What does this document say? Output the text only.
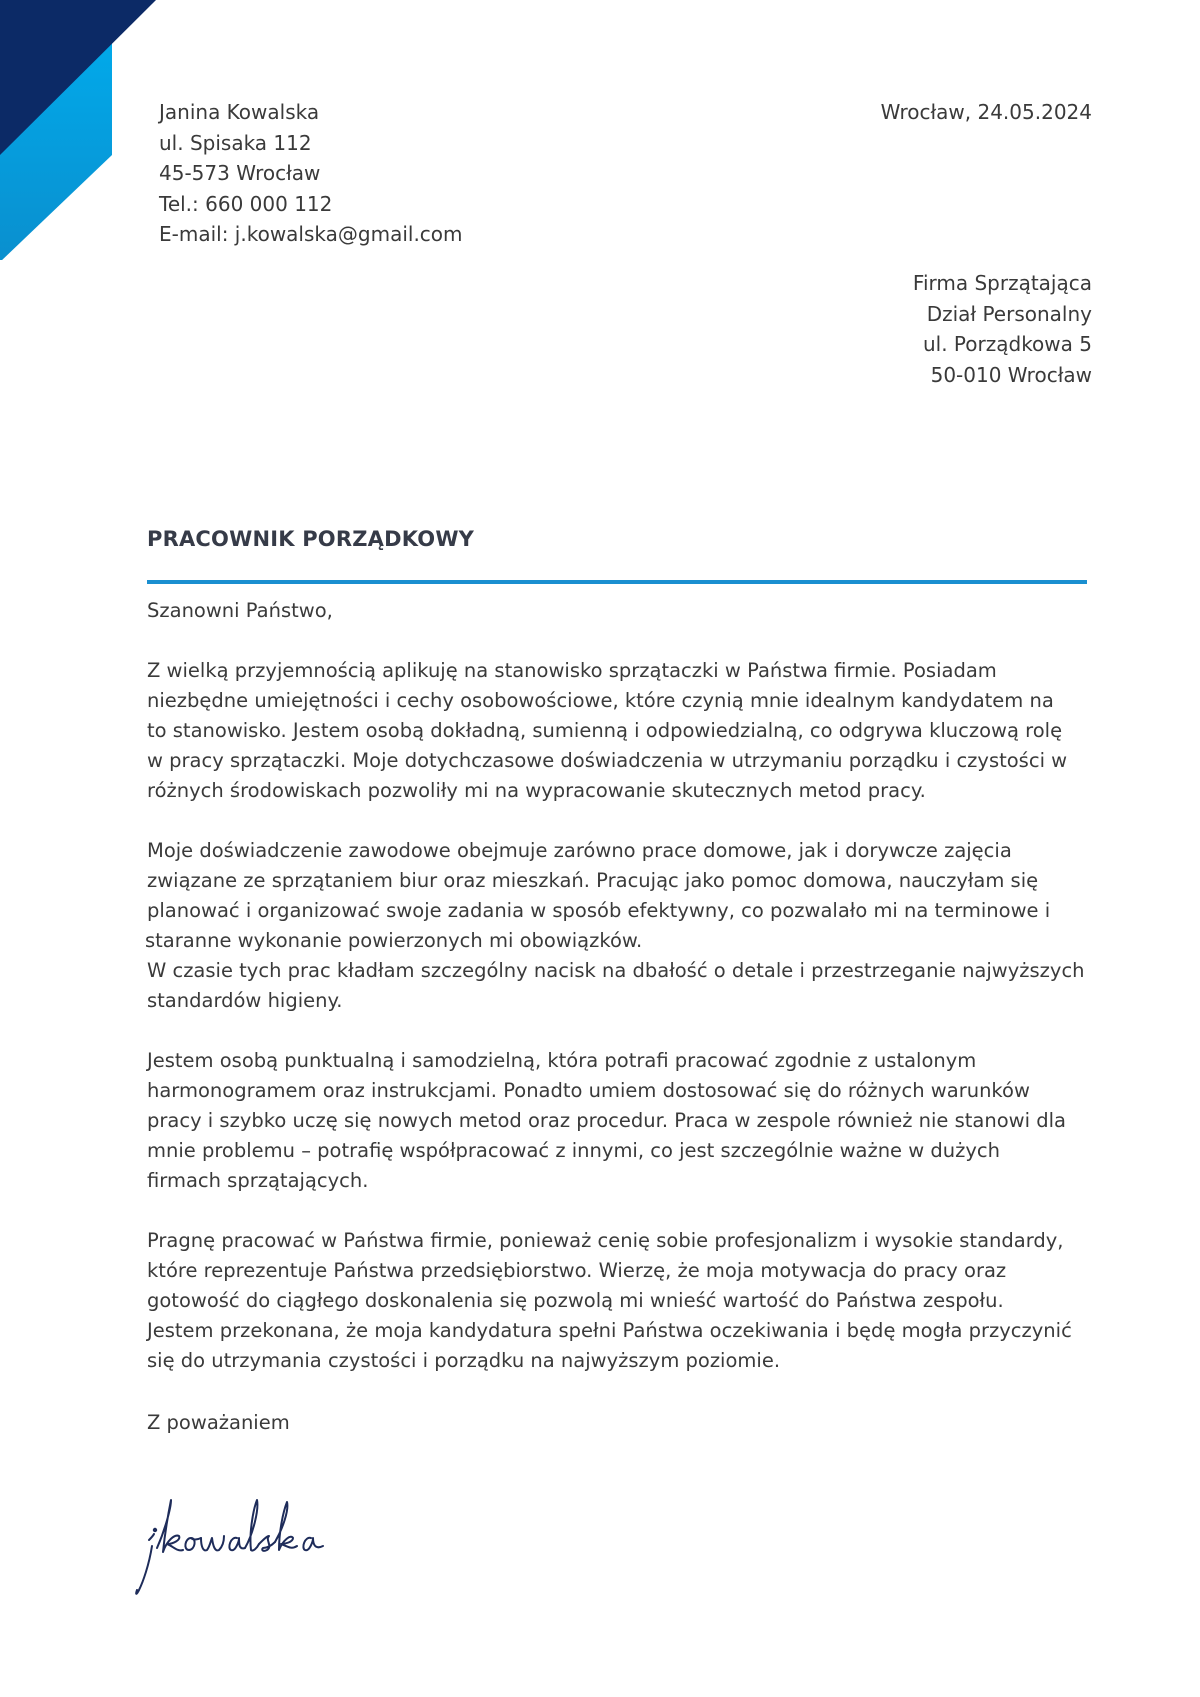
Janina Kowalska
ul. Spisaka 112
45-573 Wrocław
Tel.: 660 000 112
E-mail: j.kowalska@gmail.com
Wrocław, 24.05.2024
Firma Sprzątająca
Dział Personalny
ul. Porządkowa 5
50-010 Wrocław
PRACOWNIK PORZĄDKOWY

Szanowni Państwo,

Z wielką przyjemnością aplikuję na stanowisko sprzątaczki w Państwa firmie. Posiadam
niezbędne umiejętności i cechy osobowościowe, które czynią mnie idealnym kandydatem na
to stanowisko. Jestem osobą dokładną, sumienną i odpowiedzialną, co odgrywa kluczową rolę
w pracy sprzątaczki. Moje dotychczasowe doświadczenia w utrzymaniu porządku i czystości w
różnych środowiskach pozwoliły mi na wypracowanie skutecznych metod pracy.

Moje doświadczenie zawodowe obejmuje zarówno prace domowe, jak i dorywcze zajęcia
związane ze sprzątaniem biur oraz mieszkań. Pracując jako pomoc domowa, nauczyłam się
planować i organizować swoje zadania w sposób efektywny, co pozwalało mi na terminowe i
staranne wykonanie powierzonych mi obowiązków.
W czasie tych prac kładłam szczególny nacisk na dbałość o detale i przestrzeganie najwyższych
standardów higieny.

Jestem osobą punktualną i samodzielną, która potrafi pracować zgodnie z ustalonym
harmonogramem oraz instrukcjami. Ponadto umiem dostosować się do różnych warunków
pracy i szybko uczę się nowych metod oraz procedur. Praca w zespole również nie stanowi dla
mnie problemu – potrafię współpracować z innymi, co jest szczególnie ważne w dużych
firmach sprzątających.

Pragnę pracować w Państwa firmie, ponieważ cenię sobie profesjonalizm i wysokie standardy,
które reprezentuje Państwa przedsiębiorstwo. Wierzę, że moja motywacja do pracy oraz
gotowość do ciągłego doskonalenia się pozwolą mi wnieść wartość do Państwa zespołu.
Jestem przekonana, że moja kandydatura spełni Państwa oczekiwania i będę mogła przyczynić
się do utrzymania czystości i porządku na najwyższym poziomie.

Z poważaniem
